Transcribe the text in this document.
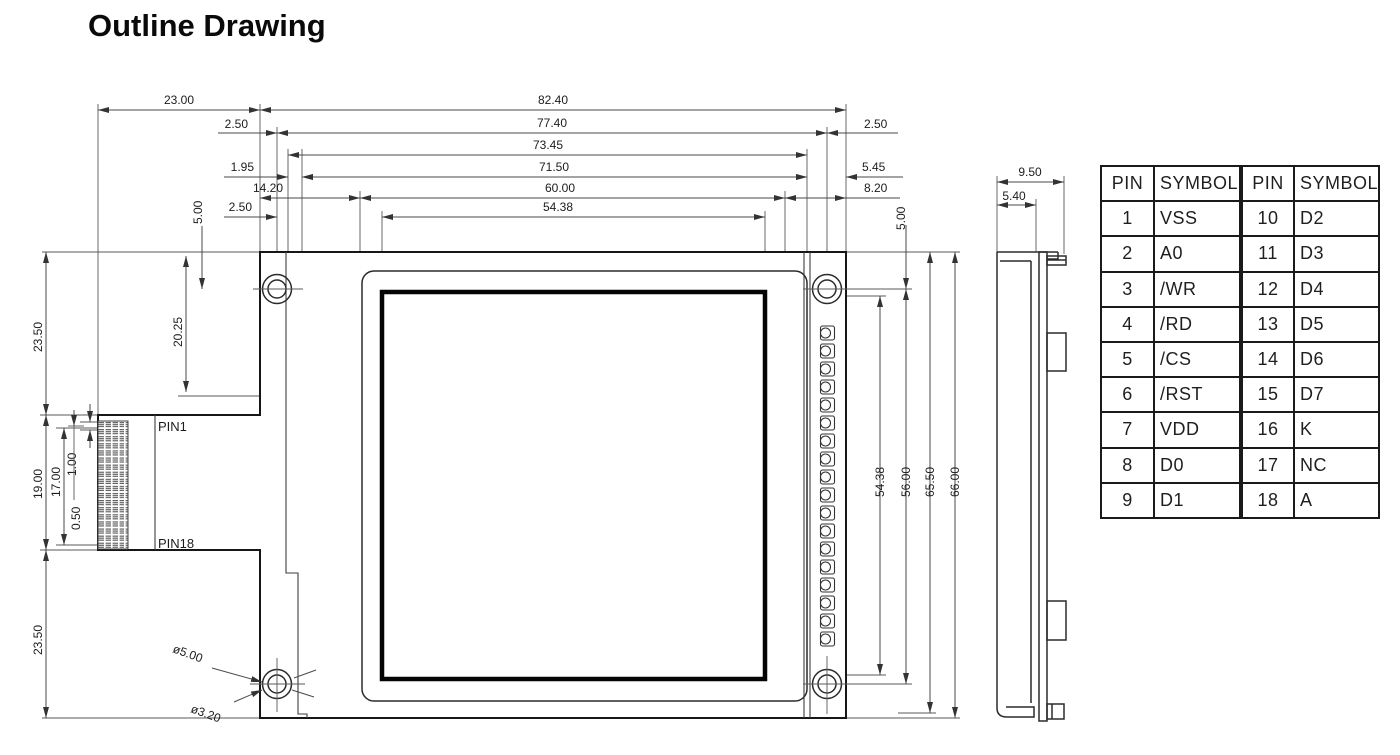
Outline Drawing
23.00	82.40
2.50	77.40	2.50
73.45
1.95	71.50	5.45
14.20	60.00	8.20
2.50	54.38
5.00	5.00
23.50
19.00
23.50
17.00
20.25
1.00
0.50
54.38 56.00 65.50 66.00
PIN1
PIN18
ø5.00
ø3.20
9.50
5.40
PIN	SYMBOL	PIN	SYMBOL
1	VSS	10	D2
2	A0	11	D3
3	/WR	12	D4
4	/RD	13	D5
5	/CS	14	D6
6	/RST	15	D7
7	VDD	16	K
8	D0	17	NC
9	D1	18	A
